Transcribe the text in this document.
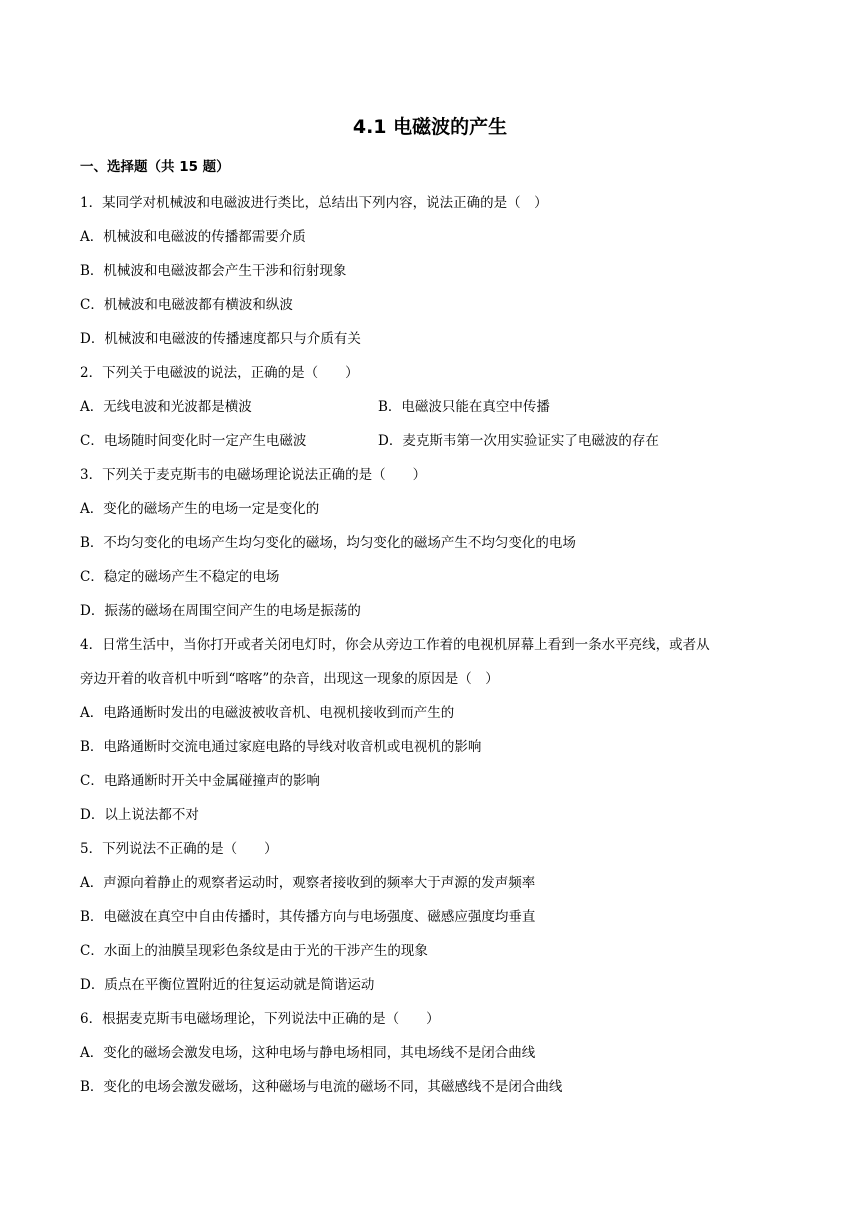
4.1 电磁波的产生
一、选择题（共 15 题）
1．某同学对机械波和电磁波进行类比，总结出下列内容，说法正确的是（　）
A．机械波和电磁波的传播都需要介质
B．机械波和电磁波都会产生干涉和衍射现象
C．机械波和电磁波都有横波和纵波
D．机械波和电磁波的传播速度都只与介质有关
2．下列关于电磁波的说法，正确的是（　　）
A．无线电波和光波都是横波	B．电磁波只能在真空中传播
C．电场随时间变化时一定产生电磁波	D．麦克斯韦第一次用实验证实了电磁波的存在
3．下列关于麦克斯韦的电磁场理论说法正确的是（　　）
A．变化的磁场产生的电场一定是变化的
B．不均匀变化的电场产生均匀变化的磁场，均匀变化的磁场产生不均匀变化的电场
C．稳定的磁场产生不稳定的电场
D．振荡的磁场在周围空间产生的电场是振荡的
4．日常生活中，当你打开或者关闭电灯时，你会从旁边工作着的电视机屏幕上看到一条水平亮线，或者从
旁边开着的收音机中听到“喀喀”的杂音，出现这一现象的原因是（　）
A．电路通断时发出的电磁波被收音机、电视机接收到而产生的
B．电路通断时交流电通过家庭电路的导线对收音机或电视机的影响
C．电路通断时开关中金属碰撞声的影响
D．以上说法都不对
5．下列说法不正确的是（　　）
A．声源向着静止的观察者运动时，观察者接收到的频率大于声源的发声频率
B．电磁波在真空中自由传播时，其传播方向与电场强度、磁感应强度均垂直
C．水面上的油膜呈现彩色条纹是由于光的干涉产生的现象
D．质点在平衡位置附近的往复运动就是简谐运动
6．根据麦克斯韦电磁场理论，下列说法中正确的是（　　）
A．变化的磁场会激发电场，这种电场与静电场相同，其电场线不是闭合曲线
B．变化的电场会激发磁场，这种磁场与电流的磁场不同，其磁感线不是闭合曲线
